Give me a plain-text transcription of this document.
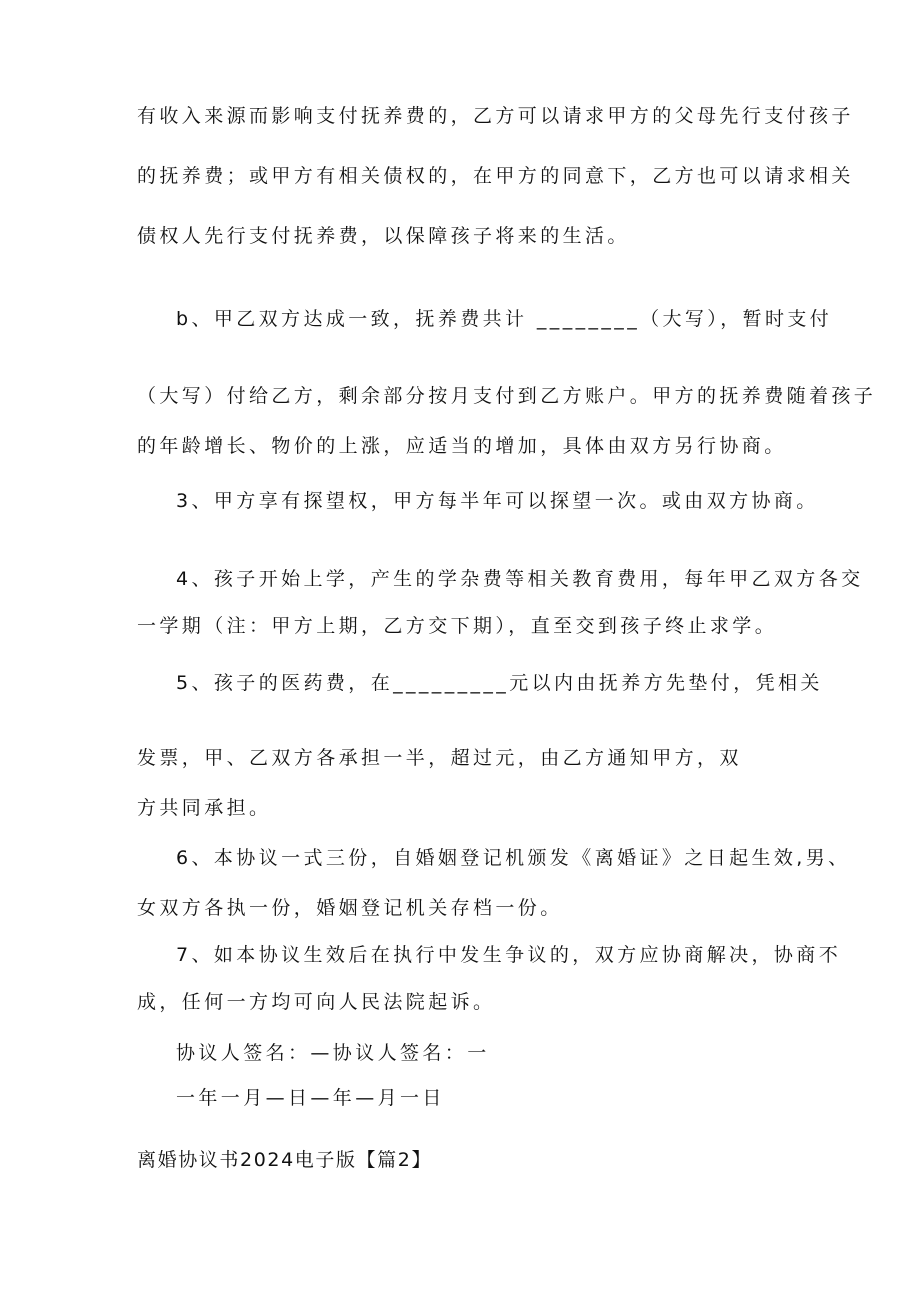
有收入来源而影响支付抚养费的，乙方可以请求甲方的父母先行支付孩子
的抚养费；或甲方有相关债权的，在甲方的同意下，乙方也可以请求相关
债权人先行支付抚养费，以保障孩子将来的生活。
b、甲乙双方达成一致，抚养费共计 ________（大写），暂时支付
（大写）付给乙方，剩余部分按月支付到乙方账户。甲方的抚养费随着孩子
的年龄增长、物价的上涨，应适当的增加，具体由双方另行协商。
3、甲方享有探望权，甲方每半年可以探望一次。或由双方协商。
4、孩子开始上学，产生的学杂费等相关教育费用，每年甲乙双方各交
一学期（注：甲方上期，乙方交下期），直至交到孩子终止求学。
5、孩子的医药费，在_________元以内由抚养方先垫付，凭相关
发票，甲、乙双方各承担一半，超过元，由乙方通知甲方，双
方共同承担。
6、本协议一式三份，自婚姻登记机颁发《离婚证》之日起生效,男、
女双方各执一份，婚姻登记机关存档一份。
7、如本协议生效后在执行中发生争议的，双方应协商解决，协商不
成，任何一方均可向人民法院起诉。
协议人签名：—协议人签名：一
一年一月—日—年—月一日
离婚协议书2024电子版【篇2】
